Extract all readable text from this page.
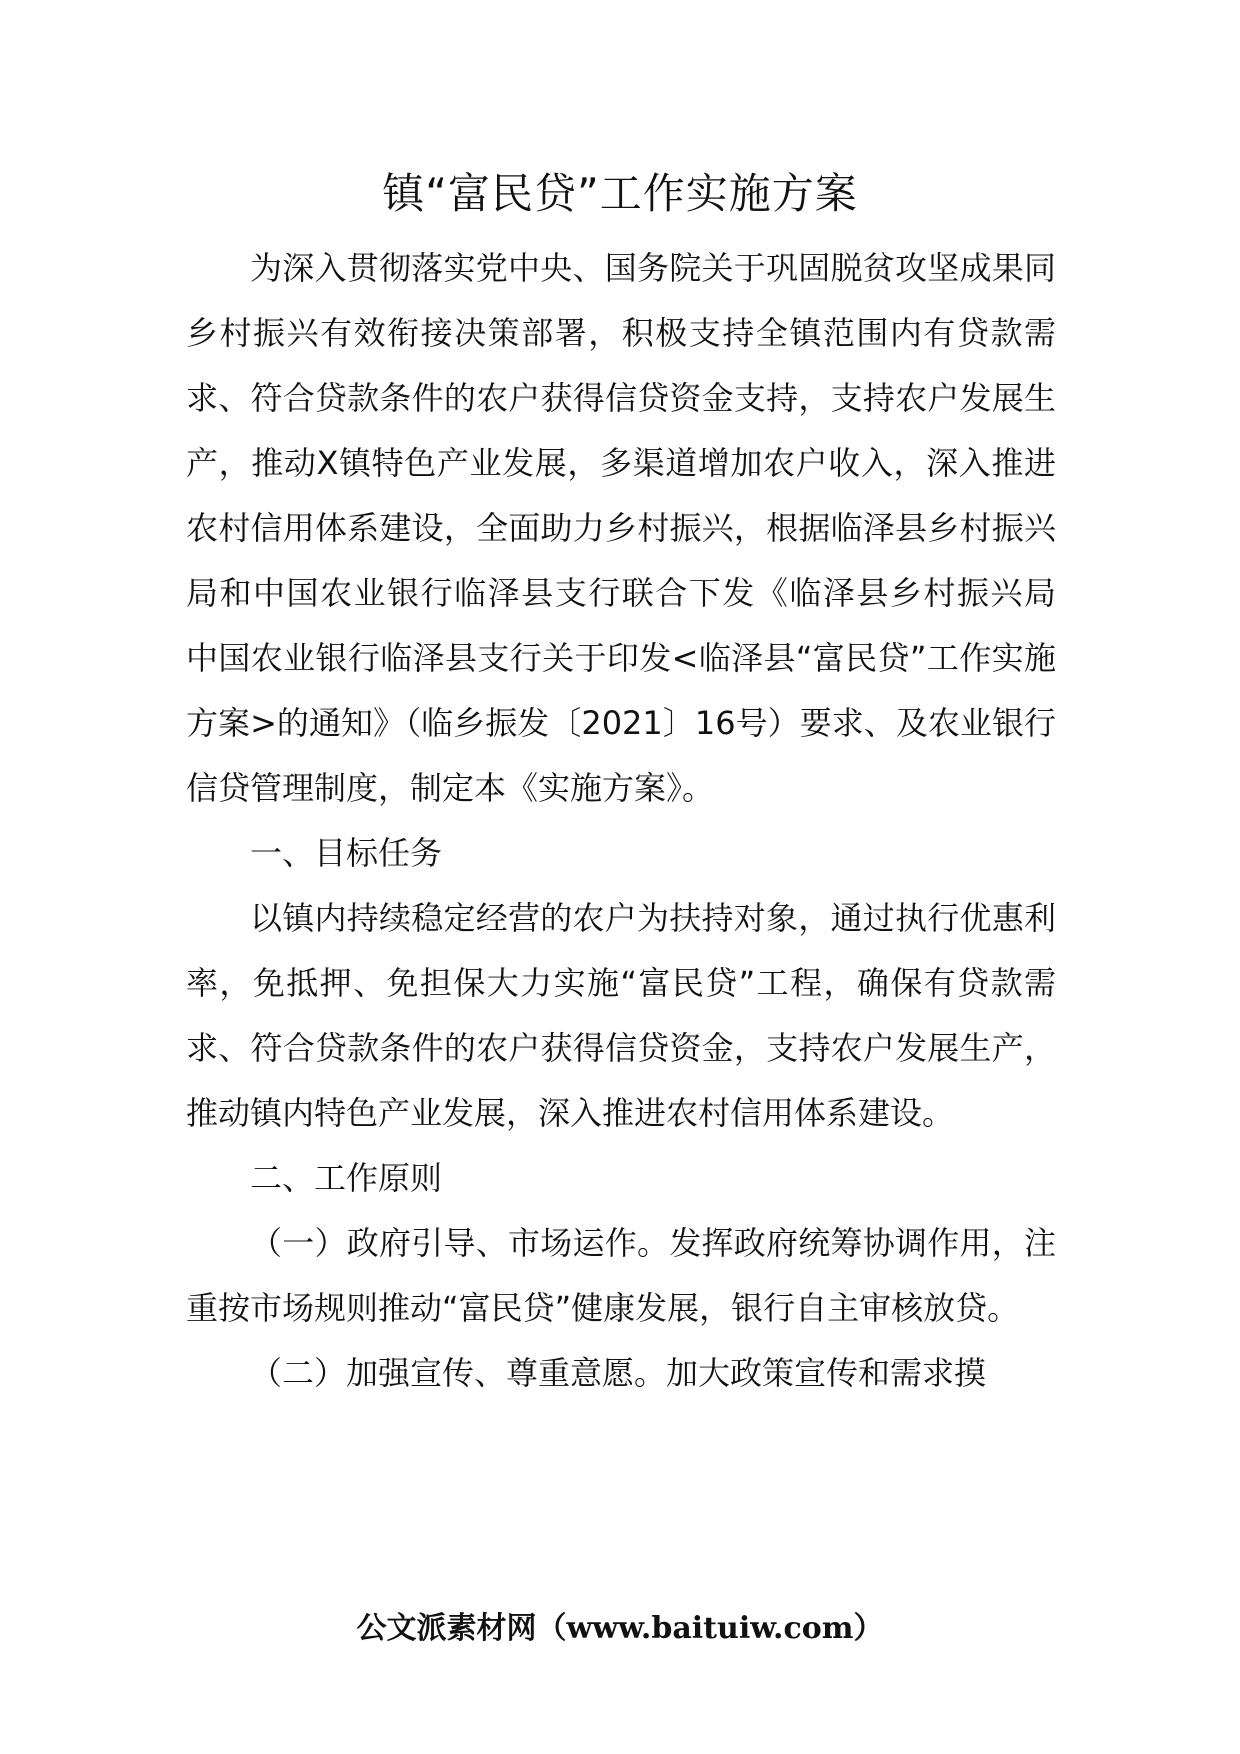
镇“富民贷”工作实施方案

为深入贯彻落实党中央、国务院关于巩固脱贫攻坚成果同乡村振兴有效衔接决策部署，积极支持全镇范围内有贷款需求、符合贷款条件的农户获得信贷资金支持，支持农户发展生产，推动X镇特色产业发展，多渠道增加农户收入，深入推进农村信用体系建设，全面助力乡村振兴，根据临泽县乡村振兴局和中国农业银行临泽县支行联合下发《临泽县乡村振兴局 中国农业银行临泽县支行关于印发<临泽县“富民贷”工作实施方案>的通知》（临乡振发〔2021〕16号）要求、及农业银行信贷管理制度，制定本《实施方案》。

一、目标任务

以镇内持续稳定经营的农户为扶持对象，通过执行优惠利率，免抵押、免担保大力实施“富民贷”工程，确保有贷款需求、符合贷款条件的农户获得信贷资金，支持农户发展生产，推动镇内特色产业发展，深入推进农村信用体系建设。

二、工作原则

（一）政府引导、市场运作。发挥政府统筹协调作用，注重按市场规则推动“富民贷”健康发展，银行自主审核放贷。

（二）加强宣传、尊重意愿。加大政策宣传和需求摸

公文派素材网（www.baituiw.com）
